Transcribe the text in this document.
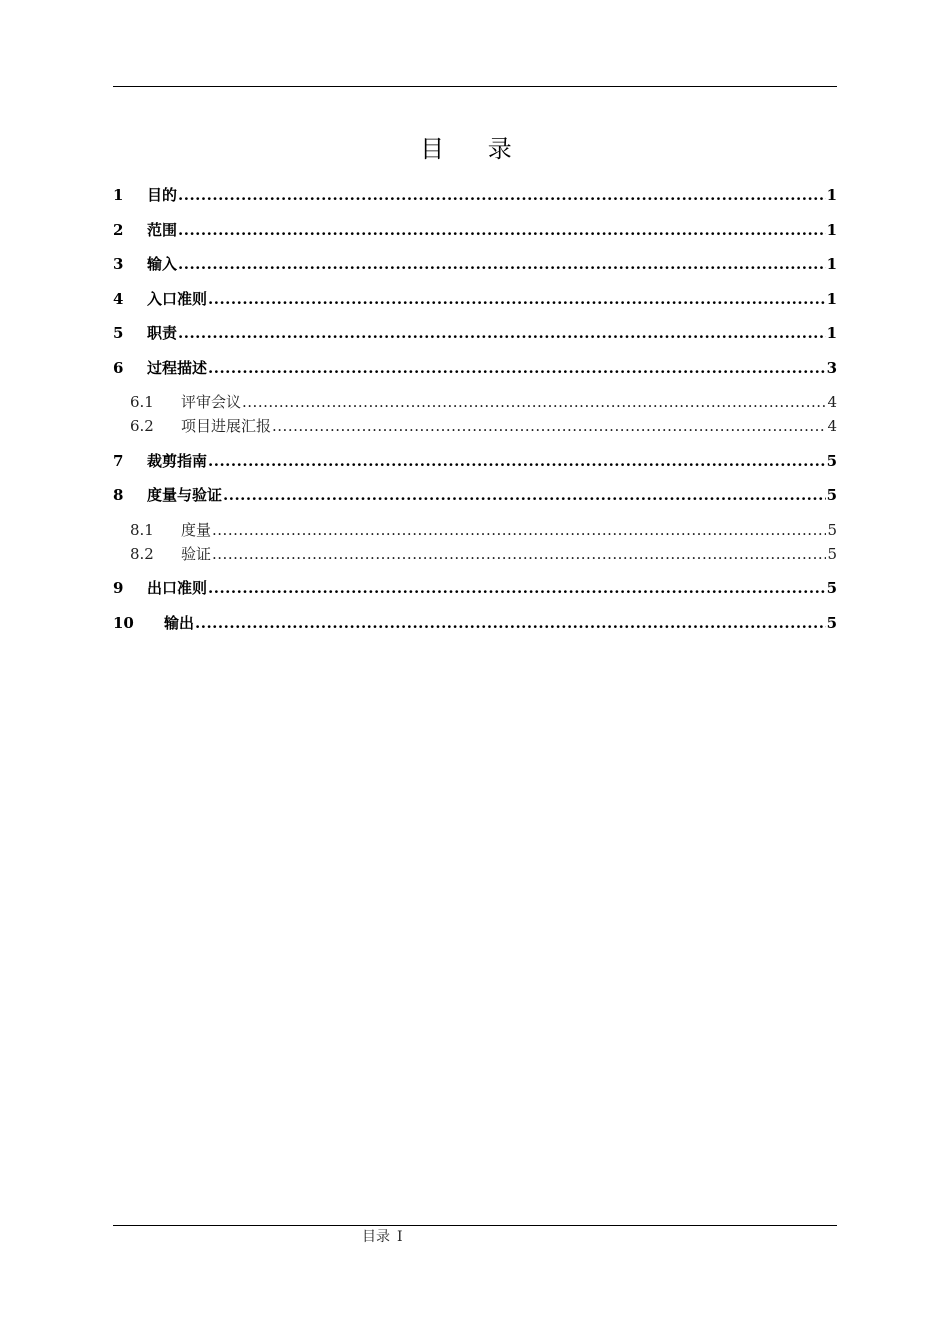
目 录
1	目的 .....	1
2	范围 .....	1
3	输入 .....	1
4	入口准则 .....	1
5	职责 .....	1
6	过程描述 .....	3
6.1	评审会议 .....	4
6.2	项目进展汇报 .....	4
7	裁剪指南 .....	5
8	度量与验证 .....	5
8.1	度量 .....	5
8.2	验证 .....	5
9	出口准则 .....	5
10	输出 .....	5
目录 I
